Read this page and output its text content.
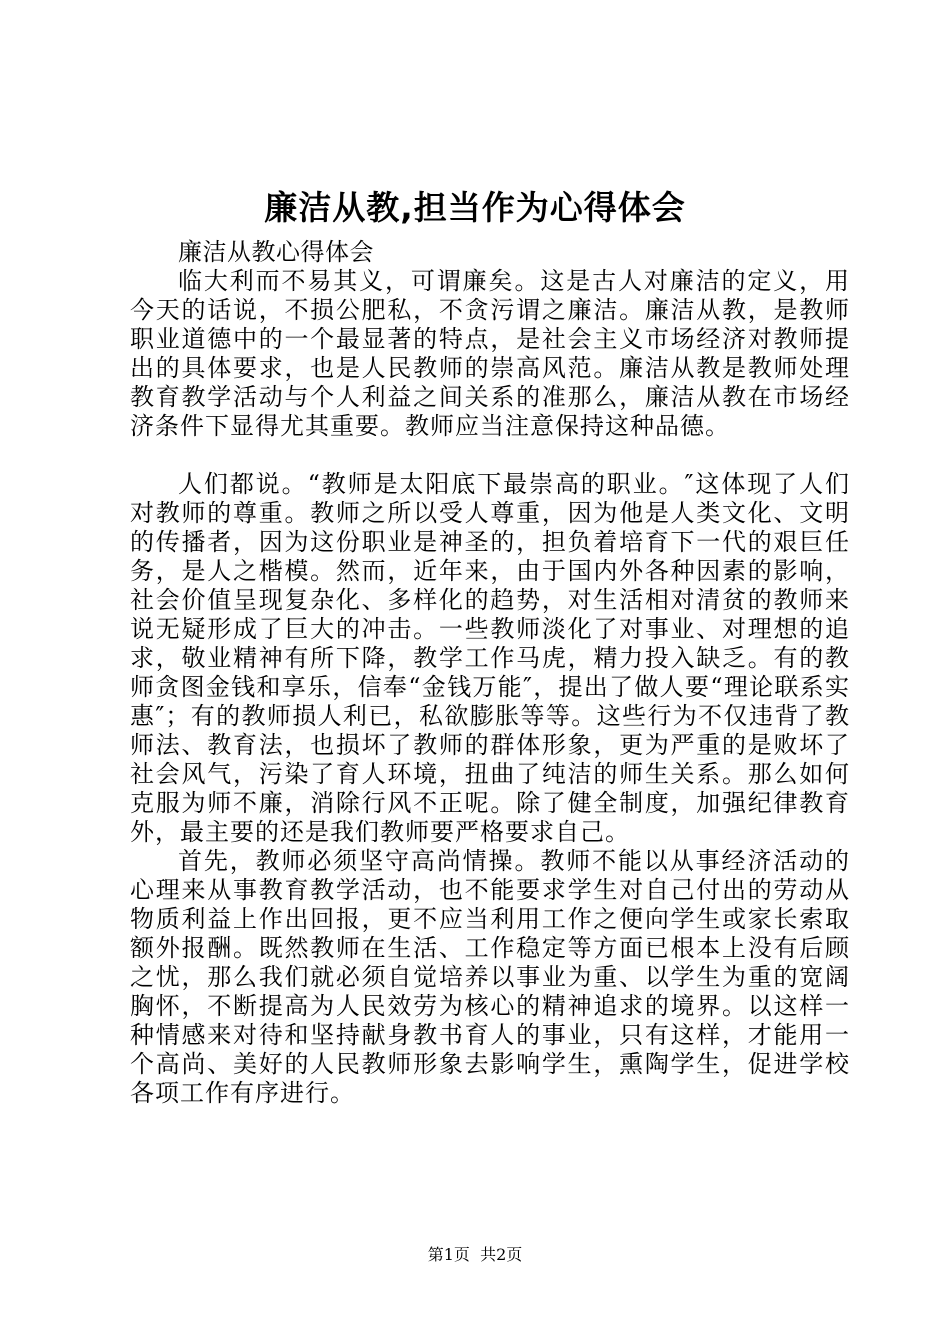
廉洁从教,担当作为心得体会

廉洁从教心得体会

临大利而不易其义，可谓廉矣。这是古人对廉洁的定义，用今天的话说，不损公肥私，不贪污谓之廉洁。廉洁从教，是教师职业道德中的一个最显著的特点，是社会主义市场经济对教师提出的具体要求，也是人民教师的崇高风范。廉洁从教是教师处理教育教学活动与个人利益之间关系的准那么，廉洁从教在市场经济条件下显得尤其重要。教师应当注意保持这种品德。

人们都说。“教师是太阳底下最崇高的职业。″这体现了人们对教师的尊重。教师之所以受人尊重，因为他是人类文化、文明的传播者，因为这份职业是神圣的，担负着培育下一代的艰巨任务，是人之楷模。然而，近年来，由于国内外各种因素的影响，社会价值呈现复杂化、多样化的趋势，对生活相对清贫的教师来说无疑形成了巨大的冲击。一些教师淡化了对事业、对理想的追求，敬业精神有所下降，教学工作马虎，精力投入缺乏。有的教师贪图金钱和享乐，信奉“金钱万能″，提出了做人要“理论联系实惠″；有的教师损人利已，私欲膨胀等等。这些行为不仅违背了教师法、教育法，也损坏了教师的群体形象，更为严重的是败坏了社会风气，污染了育人环境，扭曲了纯洁的师生关系。那么如何克服为师不廉，消除行风不正呢。除了健全制度，加强纪律教育外，最主要的还是我们教师要严格要求自己。

首先，教师必须坚守高尚情操。教师不能以从事经济活动的心理来从事教育教学活动，也不能要求学生对自己付出的劳动从物质利益上作出回报，更不应当利用工作之便向学生或家长索取额外报酬。既然教师在生活、工作稳定等方面已根本上没有后顾之忧，那么我们就必须自觉培养以事业为重、以学生为重的宽阔胸怀，不断提高为人民效劳为核心的精神追求的境界。以这样一种情感来对待和坚持献身教书育人的事业，只有这样，才能用一个高尚、美好的人民教师形象去影响学生，熏陶学生，促进学校各项工作有序进行。

第1页 共2页
